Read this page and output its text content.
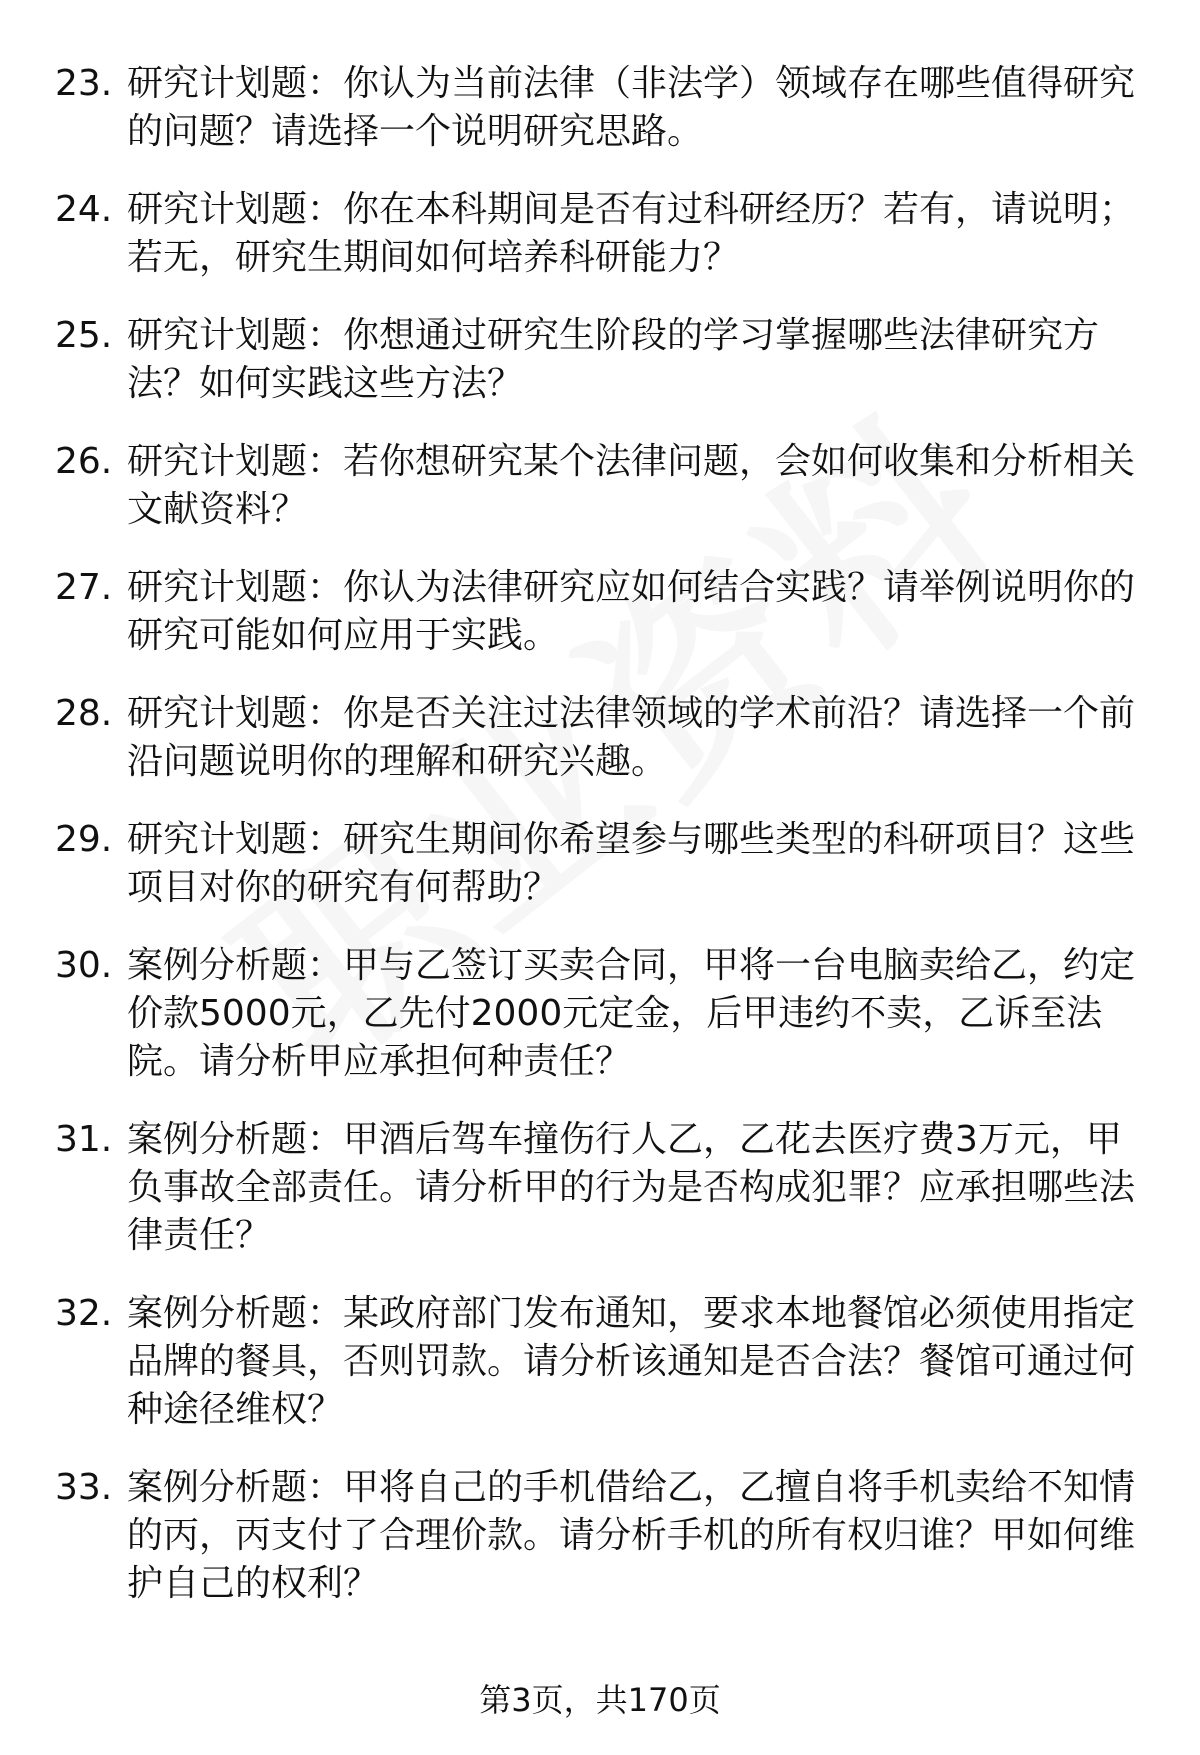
23. 研究计划题：你认为当前法律（非法学）领域存在哪些值得研究的问题？请选择一个说明研究思路。
24. 研究计划题：你在本科期间是否有过科研经历？若有，请说明；若无，研究生期间如何培养科研能力？
25. 研究计划题：你想通过研究生阶段的学习掌握哪些法律研究方法？如何实践这些方法？
26. 研究计划题：若你想研究某个法律问题，会如何收集和分析相关文献资料？
27. 研究计划题：你认为法律研究应如何结合实践？请举例说明你的研究可能如何应用于实践。
28. 研究计划题：你是否关注过法律领域的学术前沿？请选择一个前沿问题说明你的理解和研究兴趣。
29. 研究计划题：研究生期间你希望参与哪些类型的科研项目？这些项目对你的研究有何帮助？
30. 案例分析题：甲与乙签订买卖合同，甲将一台电脑卖给乙，约定价款5000元，乙先付2000元定金，后甲违约不卖，乙诉至法院。请分析甲应承担何种责任？
31. 案例分析题：甲酒后驾车撞伤行人乙，乙花去医疗费3万元，甲负事故全部责任。请分析甲的行为是否构成犯罪？应承担哪些法律责任？
32. 案例分析题：某政府部门发布通知，要求本地餐馆必须使用指定品牌的餐具，否则罚款。请分析该通知是否合法？餐馆可通过何种途径维权？
33. 案例分析题：甲将自己的手机借给乙，乙擅自将手机卖给不知情的丙，丙支付了合理价款。请分析手机的所有权归谁？甲如何维护自己的权利？
第3页，共170页
